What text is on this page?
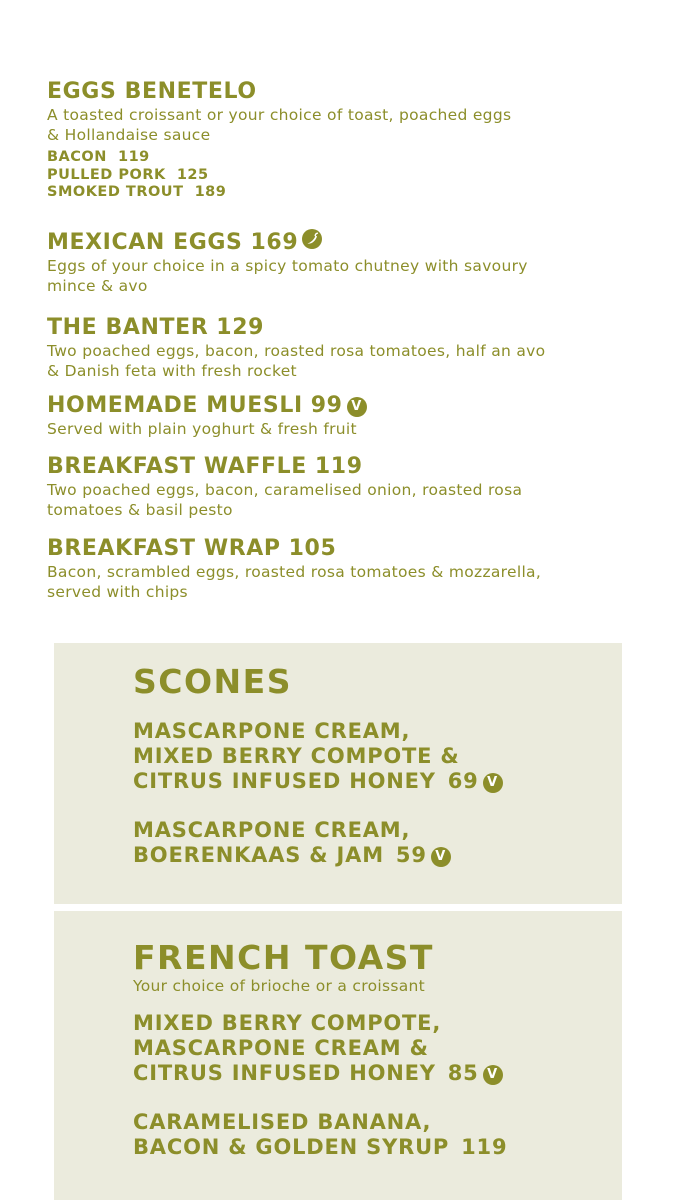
EGGS BENETELO
A toasted croissant or your choice of toast, poached eggs
& Hollandaise sauce
BACON 119
PULLED PORK 125
SMOKED TROUT 189
MEXICAN EGGS 169
Eggs of your choice in a spicy tomato chutney with savoury
mince & avo
THE BANTER 129
Two poached eggs, bacon, roasted rosa tomatoes, half an avo
& Danish feta with fresh rocket
HOMEMADE MUESLI 99 V
Served with plain yoghurt & fresh fruit
BREAKFAST WAFFLE 119
Two poached eggs, bacon, caramelised onion, roasted rosa
tomatoes & basil pesto
BREAKFAST WRAP 105
Bacon, scrambled eggs, roasted rosa tomatoes & mozzarella,
served with chips
SCONES
MASCARPONE CREAM,
MIXED BERRY COMPOTE &
CITRUS INFUSED HONEY 69 V
MASCARPONE CREAM,
BOERENKAAS & JAM 59 V
FRENCH TOAST
Your choice of brioche or a croissant
MIXED BERRY COMPOTE,
MASCARPONE CREAM &
CITRUS INFUSED HONEY 85 V
CARAMELISED BANANA,
BACON & GOLDEN SYRUP 119
